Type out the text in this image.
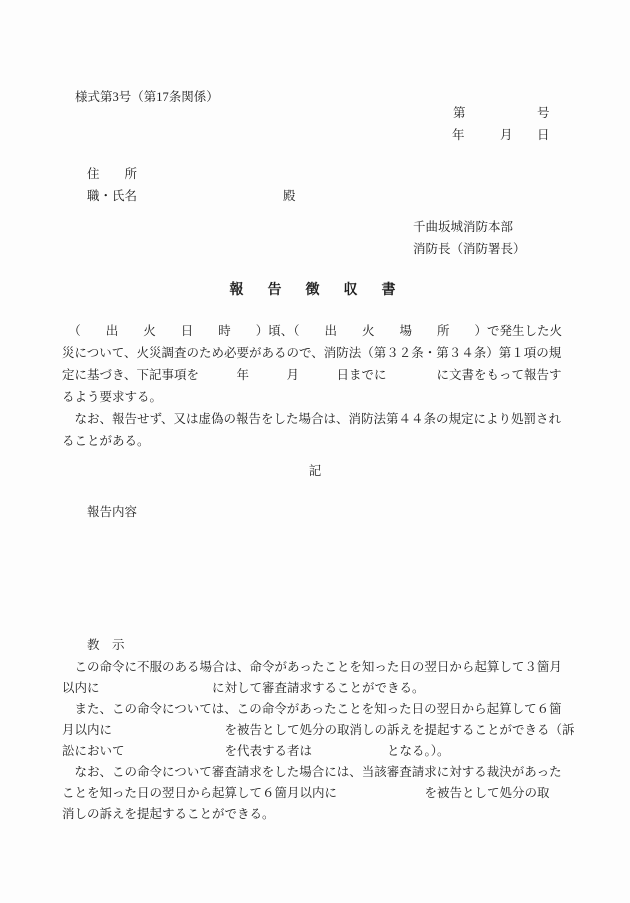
様式第3号（第17条関係）
第	号
年	月 日
住　　所
職・氏名	殿
千曲坂城消防本部
消防長（消防署長）
報　告　徴　収　書
　（　　出　　火　　日　　時　　）頃、（　　出　　火　　場　　所　　）で発生した火
災について、火災調査のため必要があるので、消防法（第３２条・第３４条）第１項の規
定に基づき、下記事項を　　　年　　　月　　　日までに　　　　に文書をもって報告す
るよう要求する。
　なお、報告せず、又は虚偽の報告をした場合は、消防法第４４条の規定により処罰され
ることがある。
記
報告内容
教　示
　この命令に不服のある場合は、命令があったことを知った日の翌日から起算して３箇月
以内に　　　　　　　　　に対して審査請求することができる。
　また、この命令については、この命令があったことを知った日の翌日から起算して６箇
月以内に　　　　　　　　　を被告として処分の取消しの訴えを提起することができる（訴
訟において　　　　　　　　を代表する者は　　　　　　となる。）。
　なお、この命令について審査請求をした場合には、当該審査請求に対する裁決があった
ことを知った日の翌日から起算して６箇月以内に　　　　　　　を被告として処分の取
消しの訴えを提起することができる。
